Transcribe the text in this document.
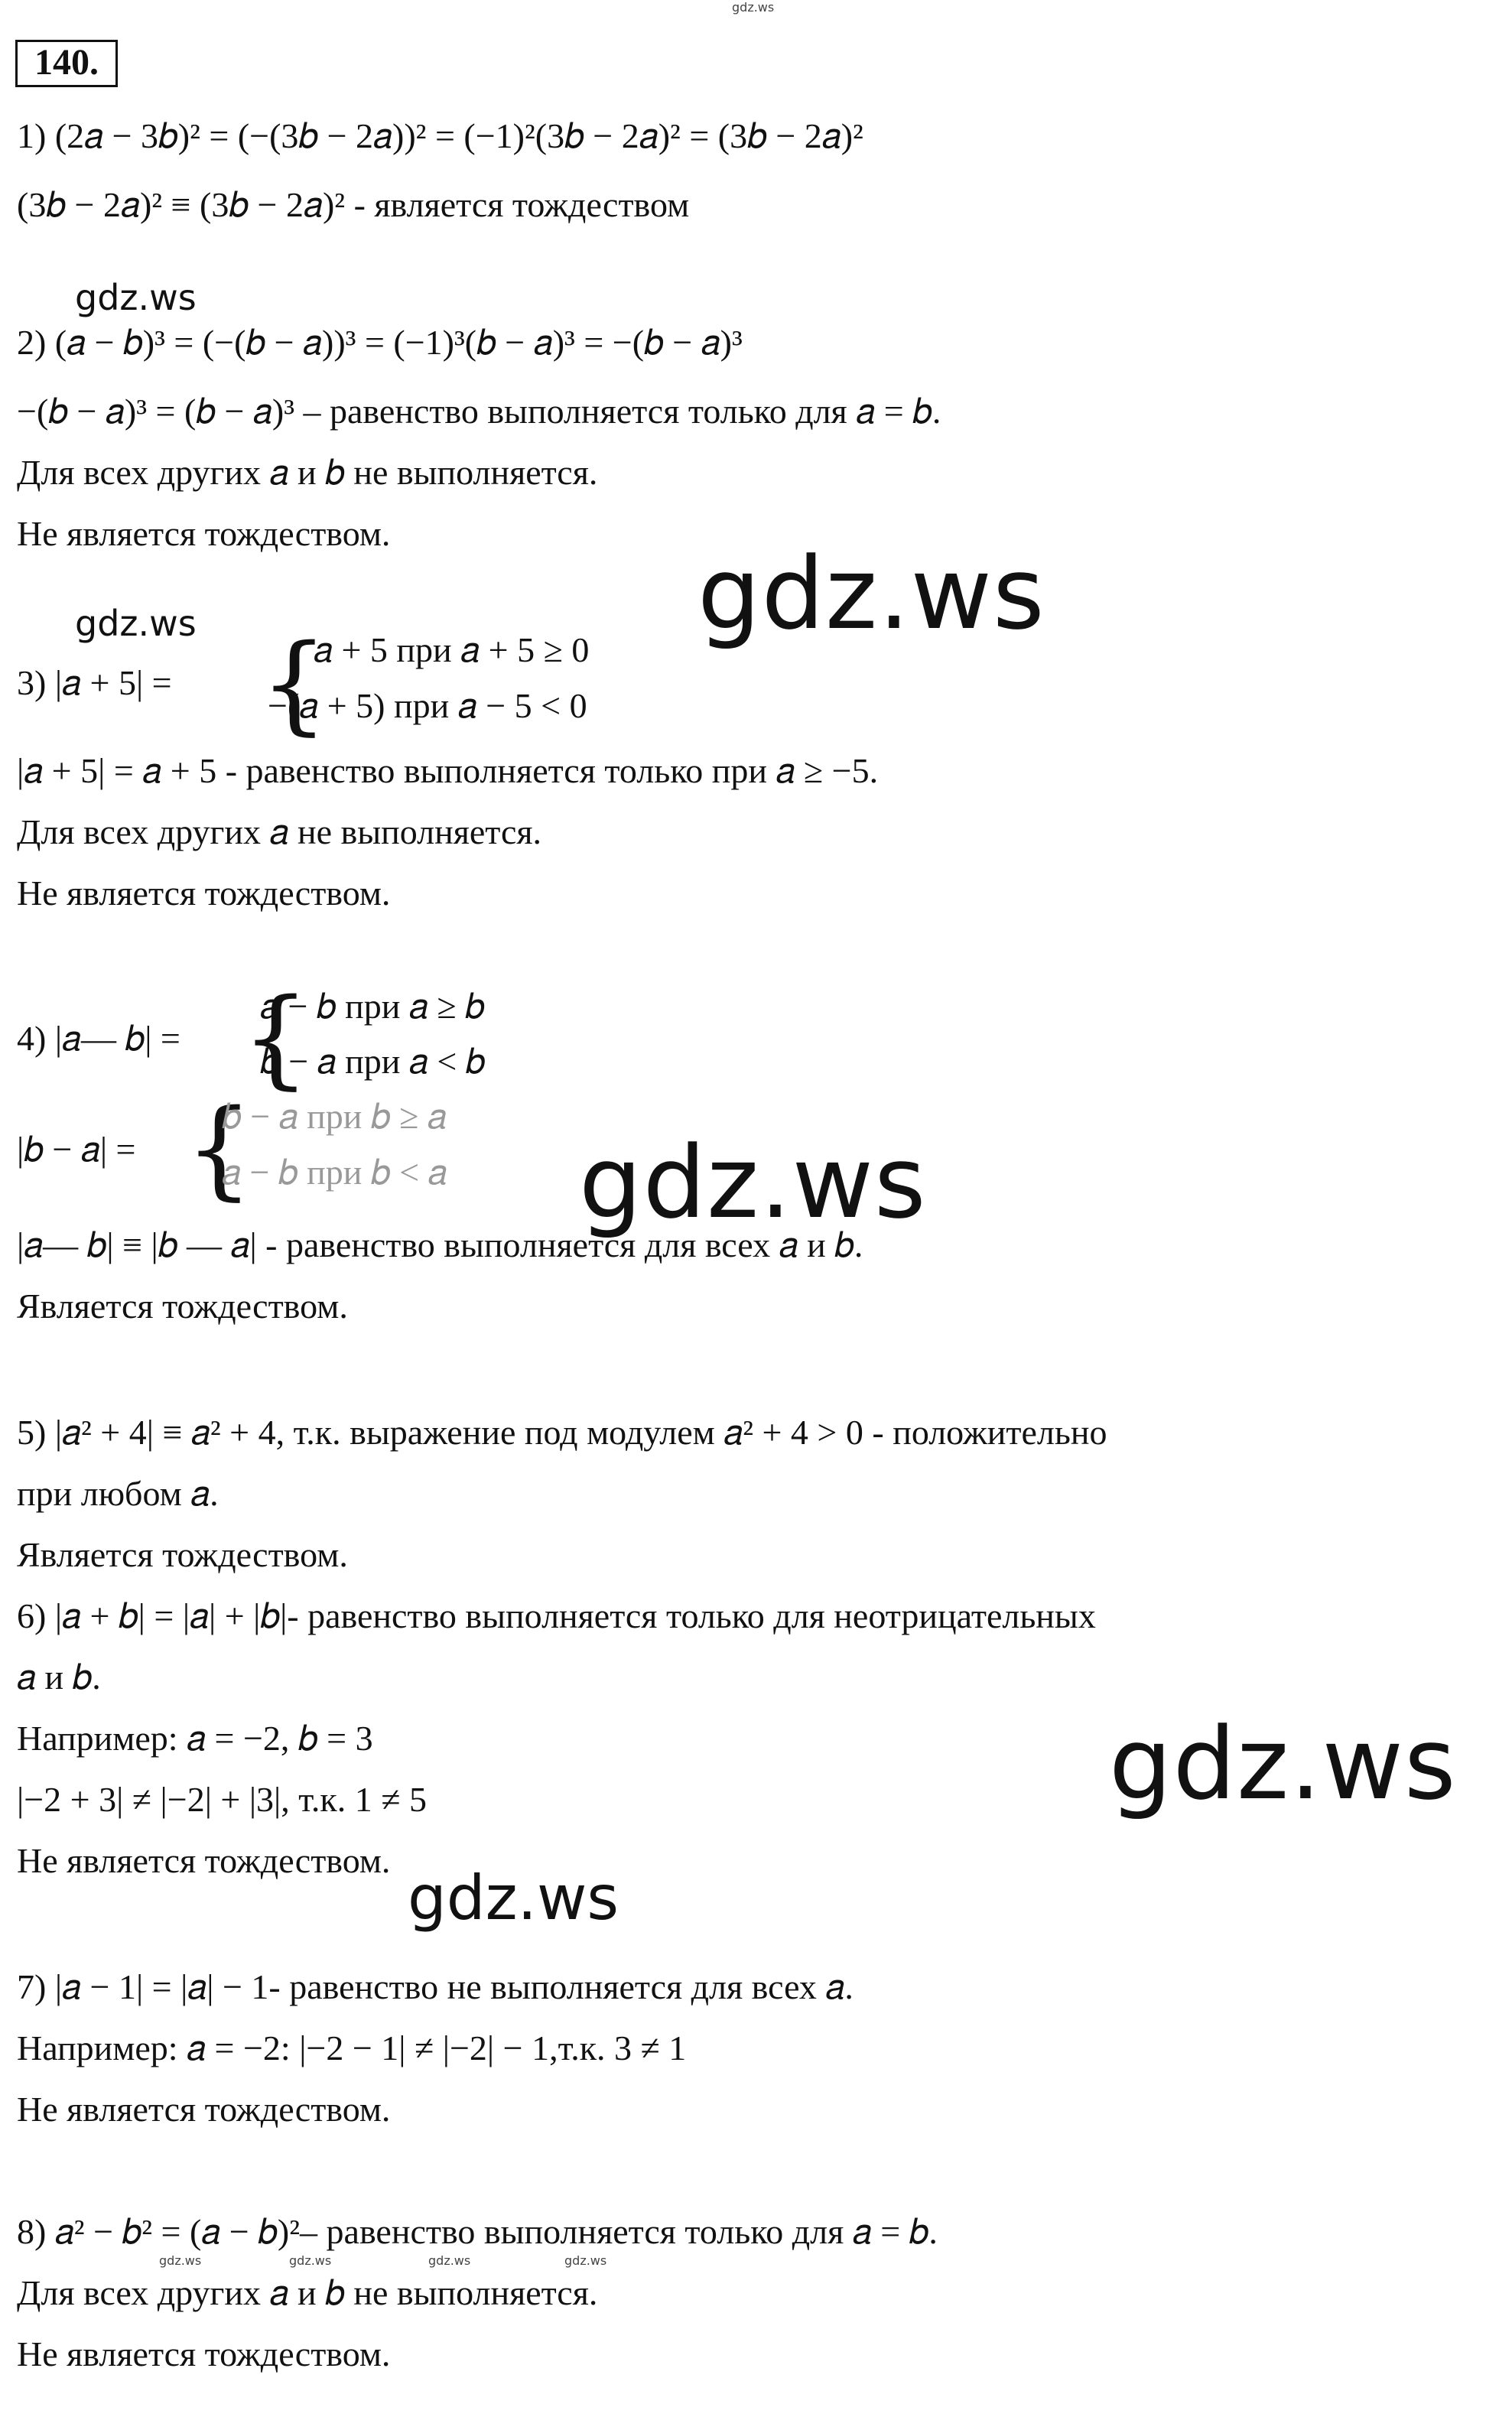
140.
gdz.ws
1) (2𝑎 − 3𝑏)² = (−(3𝑏 − 2𝑎))² = (−1)²(3𝑏 − 2𝑎)² = (3𝑏 − 2𝑎)²
(3𝑏 − 2𝑎)² ≡ (3𝑏 − 2𝑎)² - является тождеством
gdz.ws
2) (𝑎 − 𝑏)³ = (−(𝑏 − 𝑎))³ = (−1)³(𝑏 − 𝑎)³ = −(𝑏 − 𝑎)³
−(𝑏 − 𝑎)³ = (𝑏 − 𝑎)³ – равенство выполняется только для 𝑎 = 𝑏.
Для всех других 𝑎 и 𝑏 не выполняется.
Не является тождеством.
gdz.ws
gdz.ws
3) |𝑎 + 5| = {
𝑎 + 5 при 𝑎 + 5 ≥ 0
−(𝑎 + 5) при 𝑎 − 5 < 0
|𝑎 + 5| = 𝑎 + 5 - равенство выполняется только при 𝑎 ≥ −5.
Для всех других 𝑎 не выполняется.
Не является тождеством.
4) |𝑎— 𝑏| = {
𝑎 − 𝑏 при 𝑎 ≥ 𝑏
𝑏 − 𝑎 при 𝑎 < 𝑏
|𝑏 − 𝑎| = {
𝑏 − 𝑎 при 𝑏 ≥ 𝑎
𝑎 − 𝑏 при 𝑏 < 𝑎 gdz.ws
|𝑎— 𝑏| ≡ |𝑏 — 𝑎| - равенство выполняется для всех 𝑎 и 𝑏.
Является тождеством.
5) |𝑎² + 4| ≡ 𝑎² + 4, т.к. выражение под модулем 𝑎² + 4 > 0 - положительно
при любом 𝑎.
Является тождеством.
6) |𝑎 + 𝑏| = |𝑎| + |𝑏|- равенство выполняется только для неотрицательных
𝑎 и 𝑏.
Например: 𝑎 = −2, 𝑏 = 3
|−2 + 3| ≠ |−2| + |3|, т.к. 1 ≠ 5
Не является тождеством.
gdz.ws
gdz.ws
7) |𝑎 − 1| = |𝑎| − 1- равенство не выполняется для всех 𝑎.
Например: 𝑎 = −2: |−2 − 1| ≠ |−2| − 1,т.к. 3 ≠ 1
Не является тождеством.
8) 𝑎² − 𝑏² = (𝑎 − 𝑏)²– равенство выполняется только для 𝑎 = 𝑏.
gdz.ws	gdz.ws	gdz.ws	gdz.ws
Для всех других 𝑎 и 𝑏 не выполняется.
Не является тождеством.
